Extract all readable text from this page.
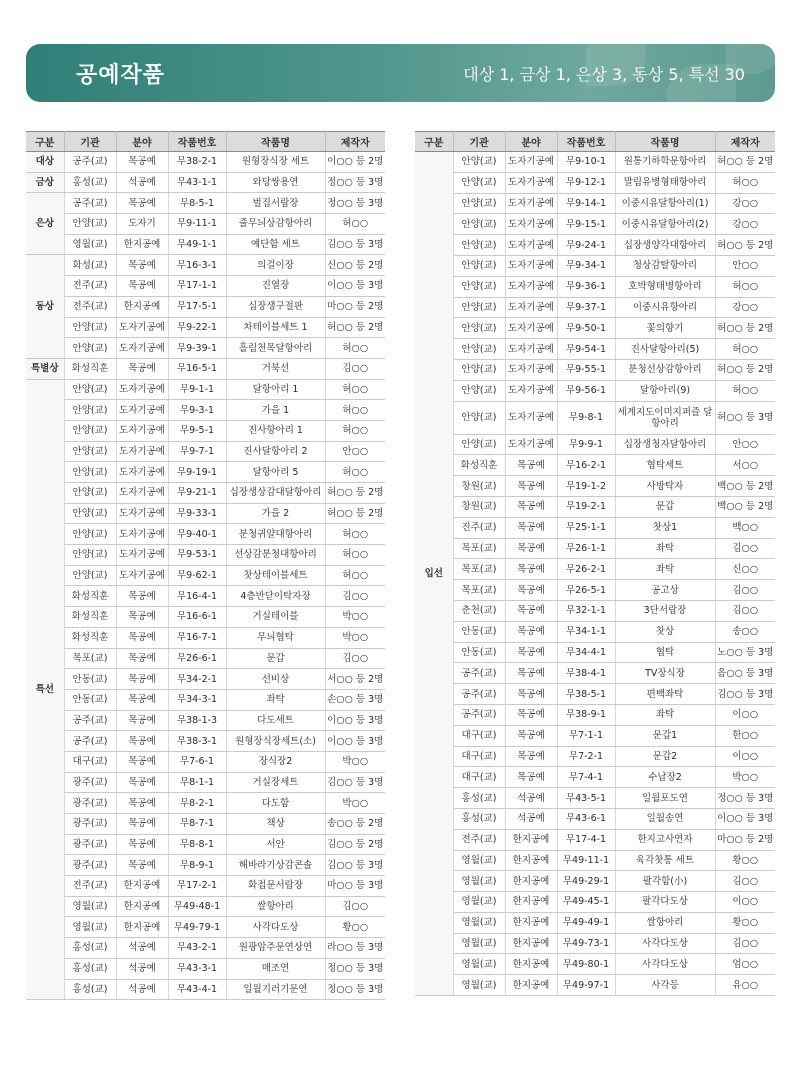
공예작품	대상 1, 금상 1, 은상 3, 동상 5, 특선 30
구분	기관	분야	작품번호	작품명	제작자
대상	공주(교)	목공예	무38-2-1	원형장식장 세트	이○○ 등 2명
금상	홍성(교)	석공예	무43-1-1	와당쌍용연	정○○ 등 3명
은상	공주(교)	목공예	무8-5-1	벌집서랍장	정○○ 등 3명
	안양(교)	도자기	무9-11-1	줄무늬상감항아리	허○○
	영월(교)	한지공예	무49-1-1	예단함 세트	김○○ 등 3명
동상	화성(교)	목공예	무16-3-1	의걸이장	신○○ 등 2명
	전주(교)	목공예	무17-1-1	진열장	이○○ 등 3명
	전주(교)	한지공예	무17-5-1	십장생구절판	마○○ 등 2명
	안양(교)	도자기공예	무9-22-1	차테이블세트 1	허○○ 등 2명
	안양(교)	도자기공예	무9-39-1	흘림천목달항아리	허○○
특별상	화성직훈	목공예	무16-5-1	거북선	김○○
특선	안양(교)	도자기공예	무9-1-1	달항아리 1	허○○
	안양(교)	도자기공예	무9-3-1	가을 1	허○○
	안양(교)	도자기공예	무9-5-1	진사항아리 1	허○○
	안양(교)	도자기공예	무9-7-1	진사달항아리 2	안○○
	안양(교)	도자기공예	무9-19-1	달항아리 5	허○○
	안양(교)	도자기공예	무9-21-1	십장생상감대달항아리	허○○ 등 2명
	안양(교)	도자기공예	무9-33-1	가을 2	허○○ 등 2명
	안양(교)	도자기공예	무9-40-1	분청귀얄대항아리	허○○
	안양(교)	도자기공예	무9-53-1	선상감분청대항아리	허○○
	안양(교)	도자기공예	무9-62-1	찻상테이블세트	허○○
	화성직훈	목공예	무16-4-1	4층반닫이탁자장	김○○
	화성직훈	목공예	무16-6-1	거실테이블	박○○
	화성직훈	목공예	무16-7-1	무늬협탁	박○○
	목포(교)	목공예	무26-6-1	문갑	김○○
	안동(교)	목공예	무34-2-1	선비상	서○○ 등 2명
	안동(교)	목공예	무34-3-1	좌탁	손○○ 등 3명
	공주(교)	목공예	무38-1-3	다도세트	이○○ 등 3명
	공주(교)	목공예	무38-3-1	원형장식장세트(소)	이○○ 등 3명
	대구(교)	목공예	무7-6-1	장식장2	박○○
	광주(교)	목공예	무8-1-1	거실장세트	김○○ 등 3명
	광주(교)	목공예	무8-2-1	다도함	박○○
	광주(교)	목공예	무8-7-1	책상	송○○ 등 2명
	광주(교)	목공예	무8-8-1	서안	김○○ 등 2명
	광주(교)	목공예	무8-9-1	해바라기상감콘솔	김○○ 등 3명
	전주(교)	한지공예	무17-2-1	화접문서랍장	마○○ 등 3명
	영월(교)	한지공예	무49-48-1	쌀항아리	김○○
	영월(교)	한지공예	무49-79-1	사각다도상	황○○
	홍성(교)	석공예	무43-2-1	원광암주문연상연	라○○ 등 3명
	홍성(교)	석공예	무43-3-1	매조연	정○○ 등 3명
	홍성(교)	석공예	무43-4-1	일월기러기문연	정○○ 등 3명
구분	기관	분야	작품번호	작품명	제작자
입선	안양(교)	도자기공예	무9-10-1	원통기하학문항아리	허○○ 등 2명
	안양(교)	도자기공예	무9-12-1	말림유병형태항아리	허○○
	안양(교)	도자기공예	무9-14-1	이중시유달항아리(1)	강○○
	안양(교)	도자기공예	무9-15-1	이중시유달항아리(2)	강○○
	안양(교)	도자기공예	무9-24-1	십장생양각대항아리	허○○ 등 2명
	안양(교)	도자기공예	무9-34-1	청상감탈항아리	안○○
	안양(교)	도자기공예	무9-36-1	호박형태병항아리	허○○
	안양(교)	도자기공예	무9-37-1	이중시유항아리	강○○
	안양(교)	도자기공예	무9-50-1	꽃의향기	허○○ 등 2명
	안양(교)	도자기공예	무9-54-1	진사달항아리(5)	허○○
	안양(교)	도자기공예	무9-55-1	분청선상감항아리	허○○ 등 2명
	안양(교)	도자기공예	무9-56-1	달항아리(9)	허○○
	안양(교)	도자기공예	무9-8-1	세계지도이미지퍼즐 달항아리	허○○ 등 3명
	안양(교)	도자기공예	무9-9-1	십장생청자달항아리	안○○
	화성직훈	목공예	무16-2-1	협탁세트	서○○
	창원(교)	목공예	무19-1-2	사방탁자	백○○ 등 2명
	창원(교)	목공예	무19-2-1	문갑	백○○ 등 2명
	진주(교)	목공예	무25-1-1	찻상1	백○○
	목포(교)	목공예	무26-1-1	좌탁	김○○
	목포(교)	목공예	무26-2-1	좌탁	신○○
	목포(교)	목공예	무26-5-1	공고상	김○○
	춘천(교)	목공예	무32-1-1	3단서랍장	김○○
	안동(교)	목공예	무34-1-1	찻상	송○○
	안동(교)	목공예	무34-4-1	협탁	노○○ 등 3명
	공주(교)	목공예	무38-4-1	TV장식장	음○○ 등 3명
	공주(교)	목공예	무38-5-1	편백좌탁	김○○ 등 3명
	공주(교)	목공예	무38-9-1	좌탁	이○○
	대구(교)	목공예	무7-1-1	문갑1	한○○
	대구(교)	목공예	무7-2-1	문갑2	이○○
	대구(교)	목공예	무7-4-1	수납장2	박○○
	홍성(교)	석공예	무43-5-1	일월포도연	정○○ 등 3명
	홍성(교)	석공예	무43-6-1	일월송연	이○○ 등 3명
	전주(교)	한지공예	무17-4-1	한지고사연자	마○○ 등 2명
	영월(교)	한지공예	무49-11-1	육각찻통 세트	황○○
	영월(교)	한지공예	무49-29-1	팔각함(小)	김○○
	영월(교)	한지공예	무49-45-1	팔각다도상	이○○
	영월(교)	한지공예	무49-49-1	쌀항아리	황○○
	영월(교)	한지공예	무49-73-1	사각다도상	김○○
	영월(교)	한지공예	무49-80-1	사각다도상	엄○○
	영월(교)	한지공예	무49-97-1	사각등	유○○
